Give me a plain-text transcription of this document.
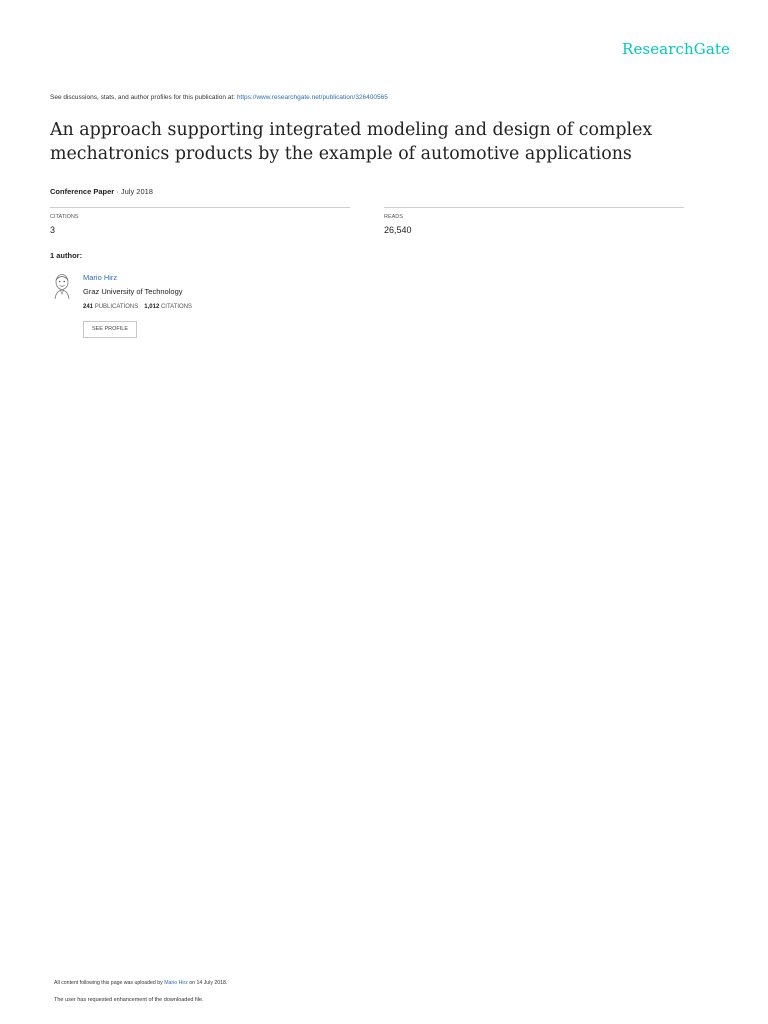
ResearchGate
See discussions, stats, and author profiles for this publication at: https://www.researchgate.net/publication/326400565
An approach supporting integrated modeling and design of complex mechatronics products by the example of automotive applications
Conference Paper · July 2018
CITATIONS
3
READS
26,540
1 author:
Mario Hirz
Graz University of Technology
241 PUBLICATIONS 1,012 CITATIONS
SEE PROFILE
All content following this page was uploaded by Mario Hirz on 14 July 2018.
The user has requested enhancement of the downloaded file.
